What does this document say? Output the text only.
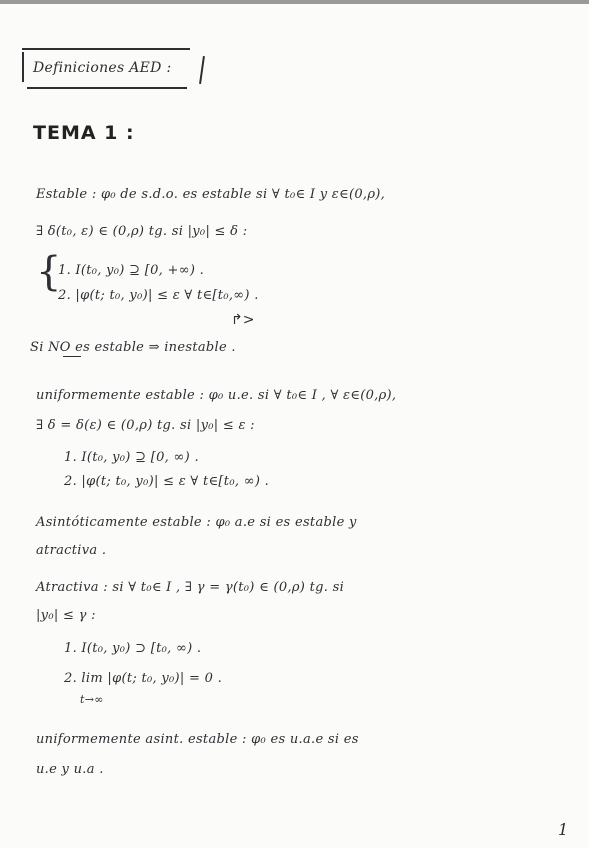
Definiciones AED :
TEMA 1 :
Estable : φ₀ de s.d.o. es estable si ∀ t₀∈ I y ε∈(0,ρ),
∃ δ(t₀, ε) ∈ (0,ρ) tg. si |y₀| ≤ δ :
{
1. I(t₀, y₀) ⊇ [0, +∞) .
2. |φ(t; t₀, y₀)| ≤ ε ∀ t∈[t₀,∞) .
↱>
Si NO es estable ⇒ inestable .
uniformemente estable : φ₀ u.e. si ∀ t₀∈ I , ∀ ε∈(0,ρ),
∃ δ = δ(ε) ∈ (0,ρ) tg. si |y₀| ≤ ε :
1. I(t₀, y₀) ⊇ [0, ∞) .
2. |φ(t; t₀, y₀)| ≤ ε ∀ t∈[t₀, ∞) .
Asintóticamente estable : φ₀ a.e si es estable y
atractiva .
Atractiva : si ∀ t₀∈ I , ∃ γ = γ(t₀) ∈ (0,ρ) tg. si
|y₀| ≤ γ :
1. I(t₀, y₀) ⊃ [t₀, ∞) .
2. lim |φ(t; t₀, y₀)| = 0 .
t→∞
uniformemente asint. estable : φ₀ es u.a.e si es
u.e y u.a .
1
